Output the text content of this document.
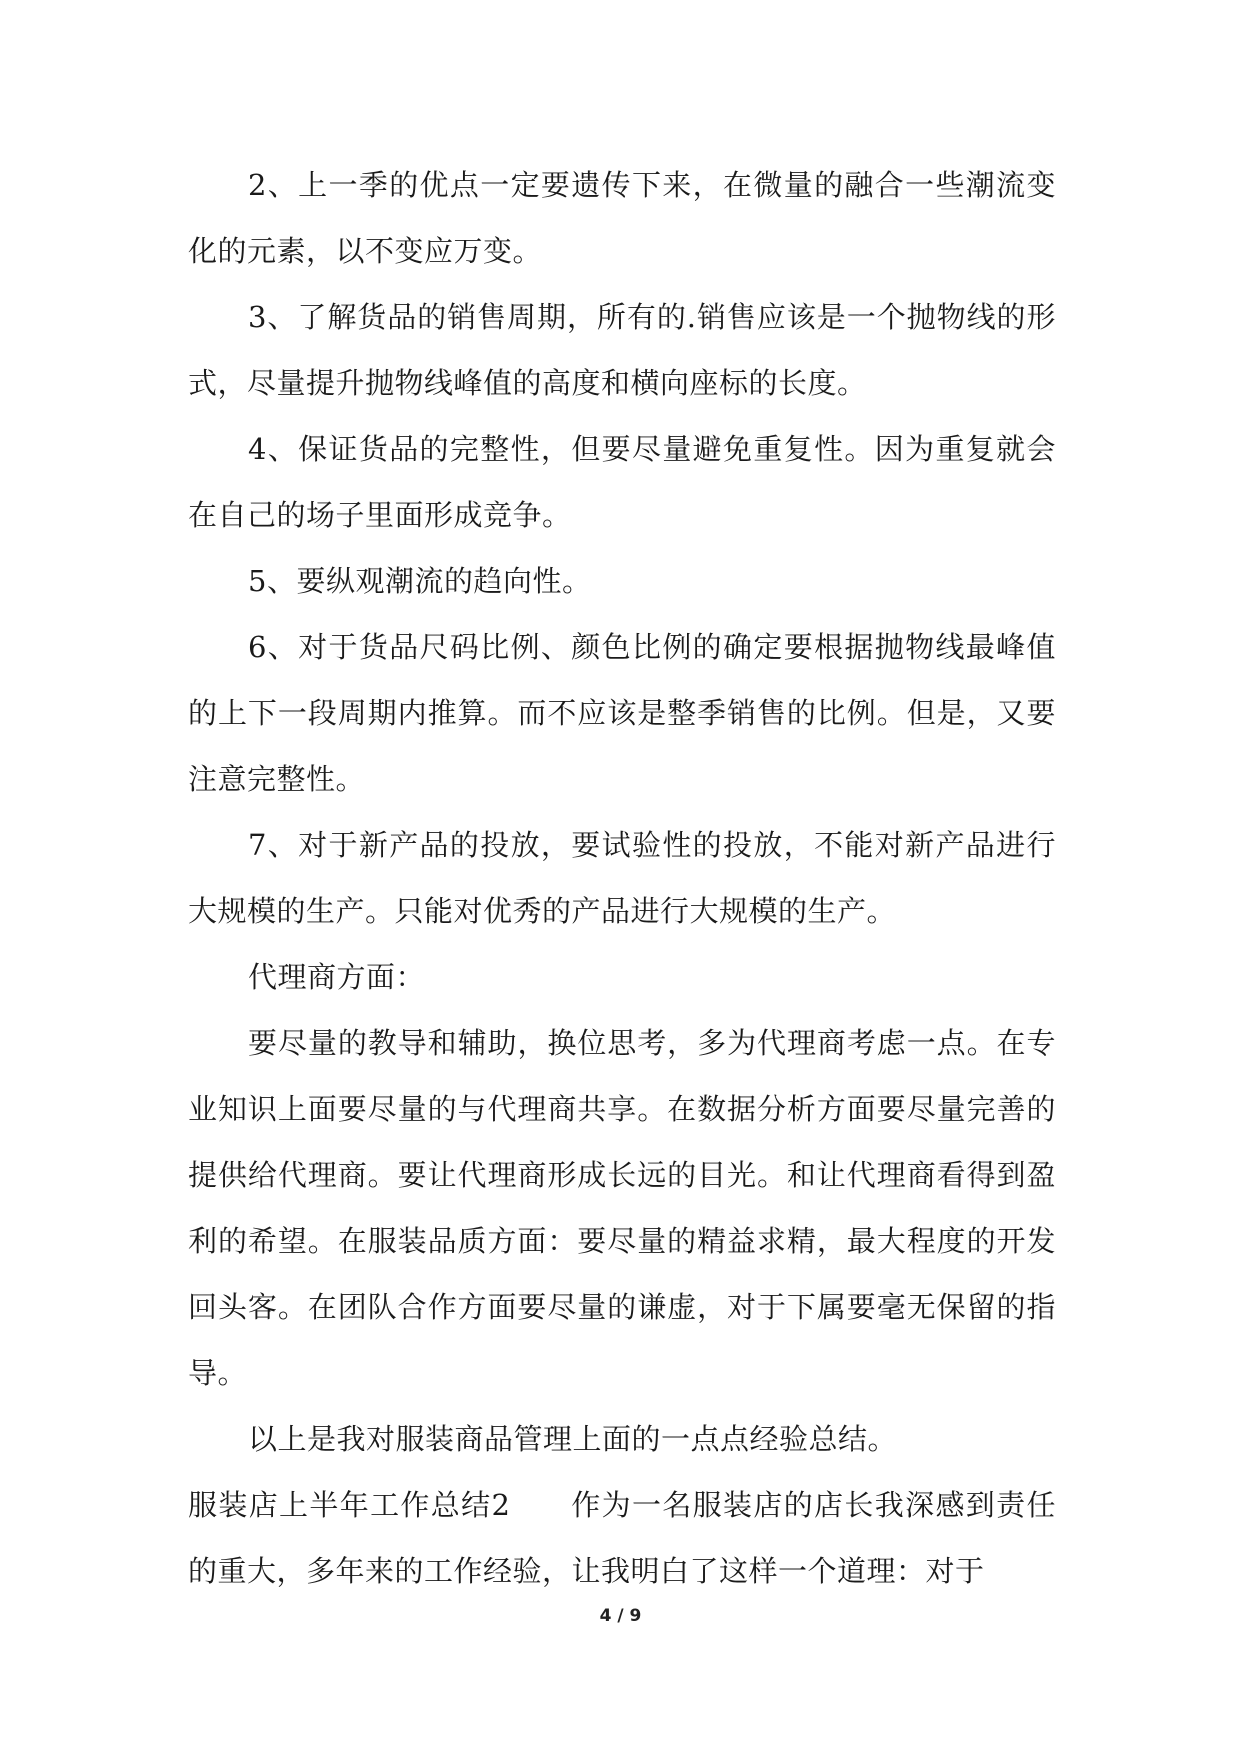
2、上一季的优点一定要遗传下来，在微量的融合一些潮流变化的元素，以不变应万变。

3、了解货品的销售周期，所有的.销售应该是一个抛物线的形式，尽量提升抛物线峰值的高度和横向座标的长度。

4、保证货品的完整性，但要尽量避免重复性。因为重复就会在自己的场子里面形成竞争。

5、要纵观潮流的趋向性。

6、对于货品尺码比例、颜色比例的确定要根据抛物线最峰值的上下一段周期内推算。而不应该是整季销售的比例。但是，又要注意完整性。

7、对于新产品的投放，要试验性的投放，不能对新产品进行大规模的生产。只能对优秀的产品进行大规模的生产。

代理商方面：

要尽量的教导和辅助，换位思考，多为代理商考虑一点。在专业知识上面要尽量的与代理商共享。在数据分析方面要尽量完善的提供给代理商。要让代理商形成长远的目光。和让代理商看得到盈利的希望。在服装品质方面：要尽量的精益求精，最大程度的开发回头客。在团队合作方面要尽量的谦虚，对于下属要毫无保留的指导。

以上是我对服装商品管理上面的一点点经验总结。

服装店上半年工作总结2 作为一名服装店的店长我深感到责任的重大，多年来的工作经验，让我明白了这样一个道理：对于

4 / 9
